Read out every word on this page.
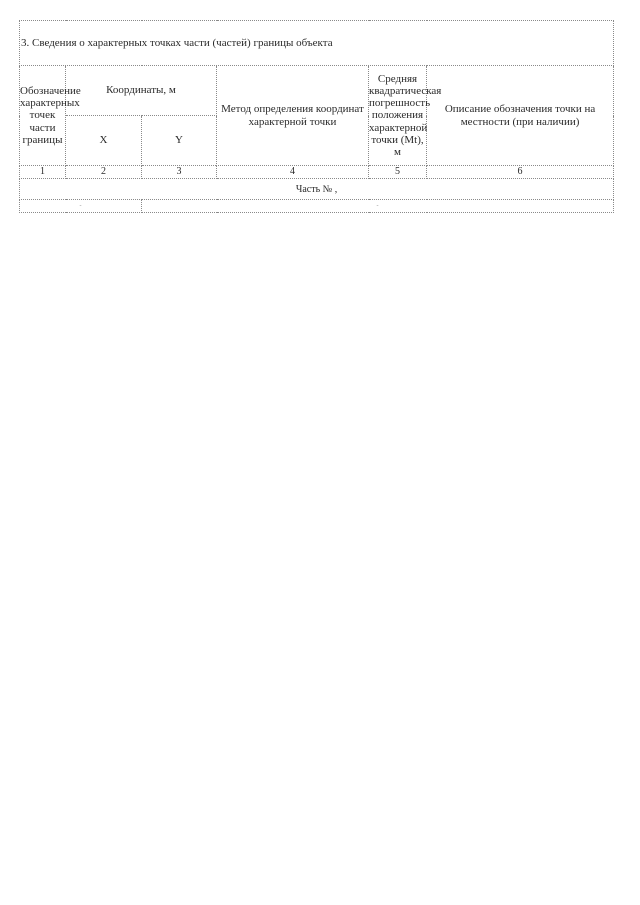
3. Сведения о характерных точках части (частей) границы объекта					
Обозначение характерных точек части границы	Координаты, м		Метод определения координат характерной точки	Средняя квадратическая погрешность положения характерной точки (Mt), м	Описание обозначения точки на местности (при наличии)
	X	Y			
1	2	3	4	5	6
Часть № ,					
-		-			
